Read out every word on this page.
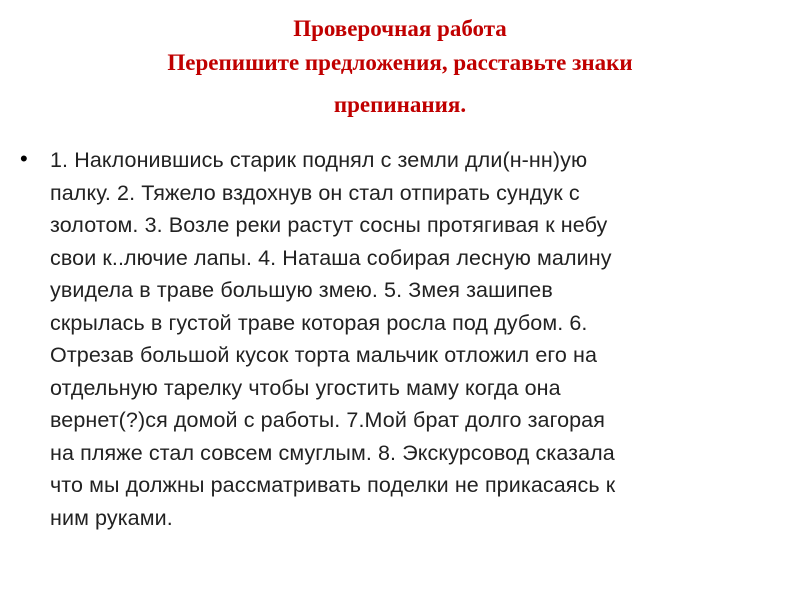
Проверочная работа
Перепишите предложения, расставьте знаки
препинания.
• 1. Наклонившись старик поднял с земли дли(н-нн)ую
палку. 2. Тяжело вздохнув он стал отпирать сундук с
золотом. 3. Возле реки растут сосны протягивая к небу
свои к..лючие лапы. 4. Наташа собирая лесную малину
увидела в траве большую змею. 5. Змея зашипев
скрылась в густой траве которая росла под дубом. 6.
Отрезав большой кусок торта мальчик отложил его на
отдельную тарелку чтобы угостить маму когда она
вернет(?)ся домой с работы. 7.Мой брат долго загорая
на пляже стал совсем смуглым. 8. Экскурсовод сказала
что мы должны рассматривать поделки не прикасаясь к
ним руками.
